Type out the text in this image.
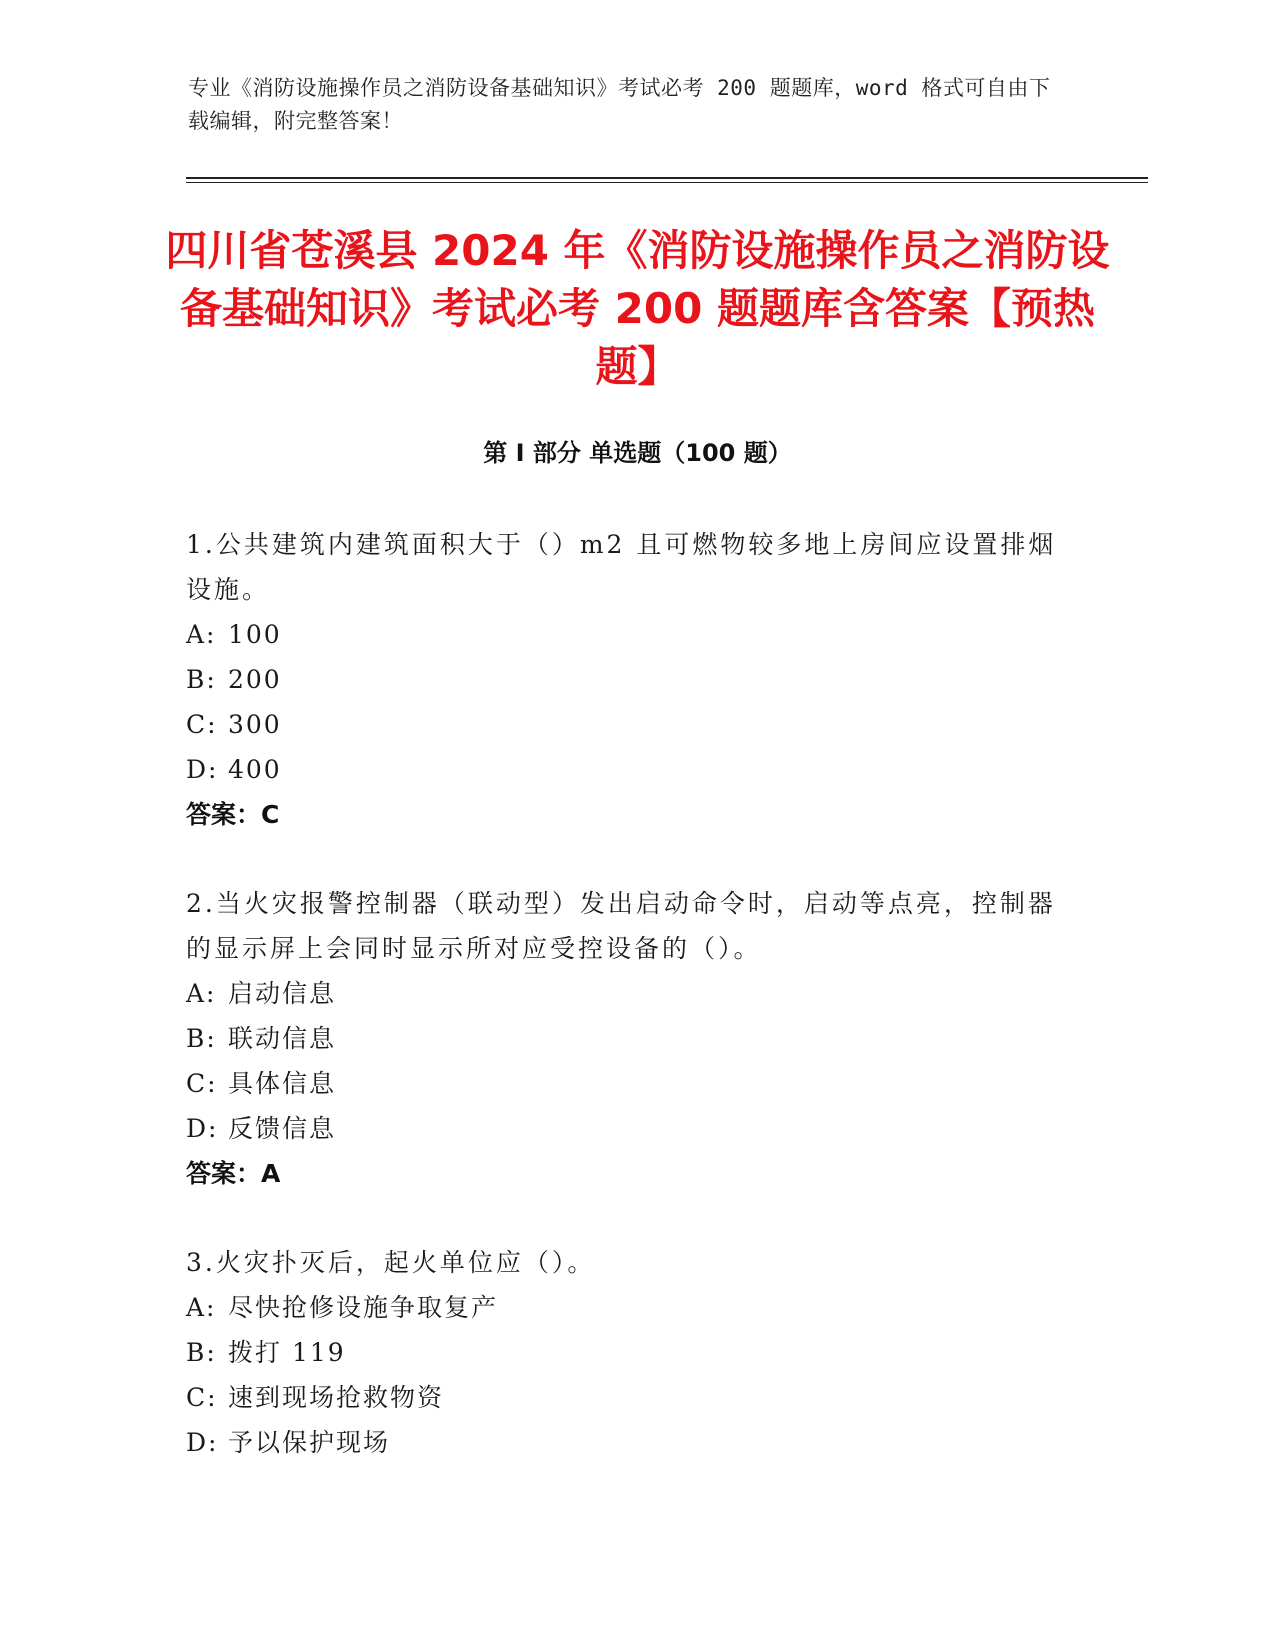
专业《消防设施操作员之消防设备基础知识》考试必考 200 题题库，word 格式可自由下载编辑，附完整答案！
四川省苍溪县 2024 年《消防设施操作员之消防设备基础知识》考试必考 200 题题库含答案【预热题】
第 I 部分 单选题（100 题）
1.公共建筑内建筑面积大于（）m2 且可燃物较多地上房间应设置排烟设施。
A: 100
B: 200
C: 300
D: 400
答案：C
2.当火灾报警控制器（联动型）发出启动命令时，启动等点亮，控制器的显示屏上会同时显示所对应受控设备的（）。
A: 启动信息
B: 联动信息
C: 具体信息
D: 反馈信息
答案：A
3.火灾扑灭后，起火单位应（）。
A: 尽快抢修设施争取复产
B: 拨打 119
C: 速到现场抢救物资
D: 予以保护现场
